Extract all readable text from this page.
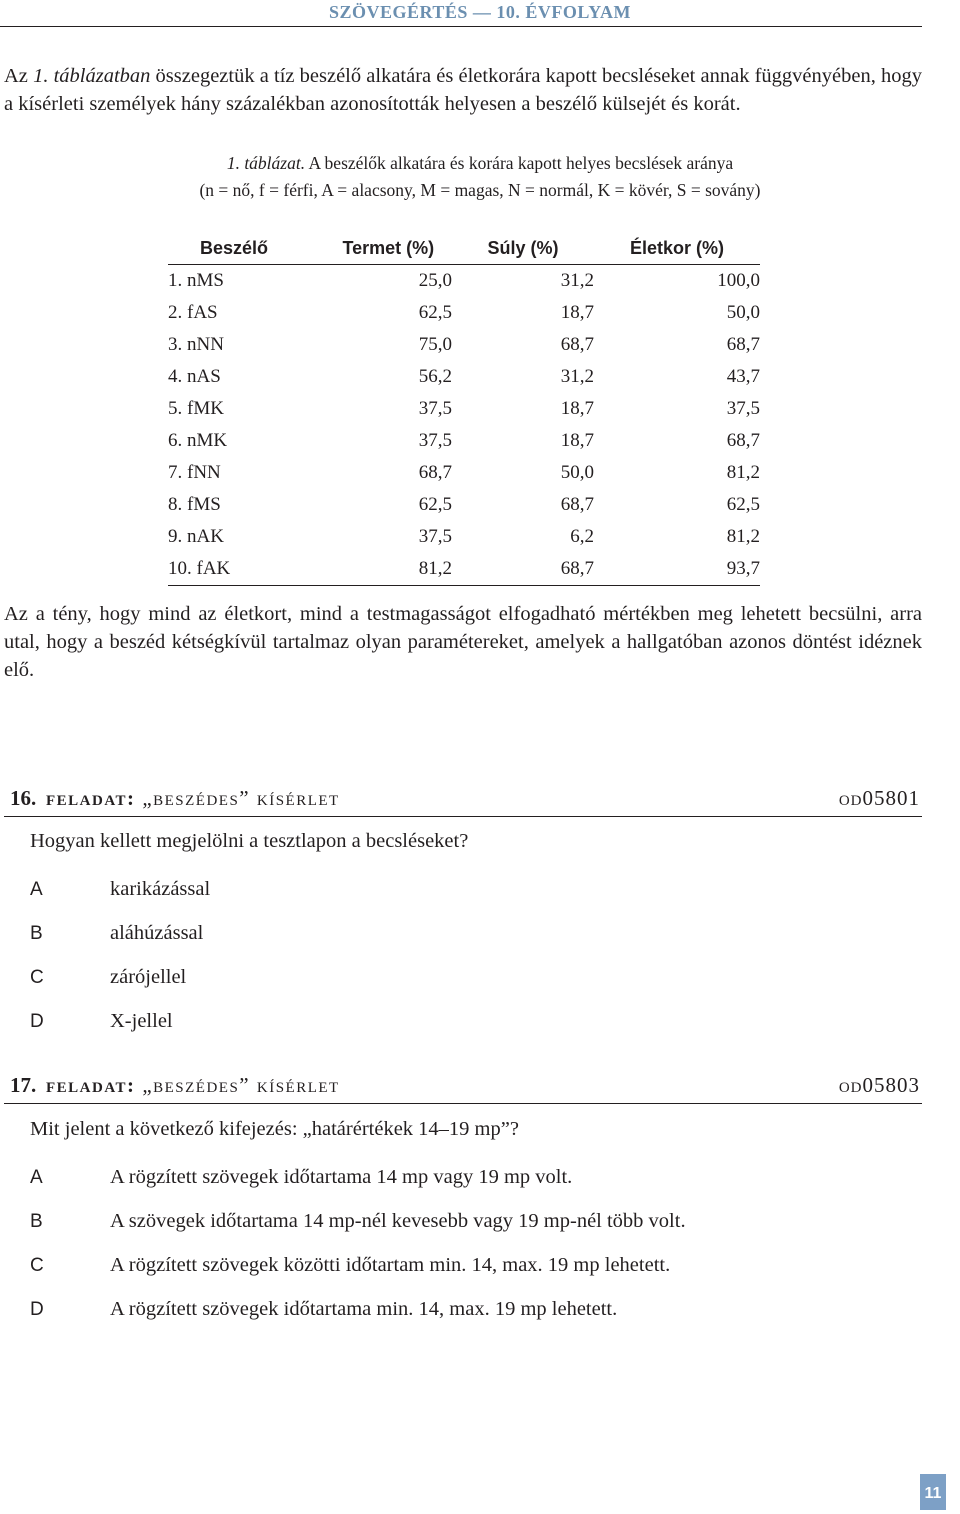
SZÖVEGÉRTÉS — 10. ÉVFOLYAM

Az 1. táblázatban összegeztük a tíz beszélő alkatára és életkorára kapott becsléseket annak függvényében, hogy a kísérleti személyek hány százalékban azonosították helyesen a beszélő külsejét és korát.

1. táblázat. A beszélők alkatára és korára kapott helyes becslések aránya
(n = nő, f = férfi, A = alacsony, M = magas, N = normál, K = kövér, S = sovány)
Beszélő	Termet (%)	Súly (%)	Életkor (%)
1. nMS	25,0	31,2	100,0
2. fAS	62,5	18,7	50,0
3. nNN	75,0	68,7	68,7
4. nAS	56,2	31,2	43,7
5. fMK	37,5	18,7	37,5
6. nMK	37,5	18,7	68,7
7. fNN	68,7	50,0	81,2
8. fMS	62,5	68,7	62,5
9. nAK	37,5	6,2	81,2
10. fAK	81,2	68,7	93,7

Az a tény, hogy mind az életkort, mind a testmagasságot elfogadható mértékben meg lehetett becsülni, arra utal, hogy a beszéd kétségkívül tartalmaz olyan paramétereket, amelyek a hallgatóban azonos döntést idéznek elő.

16. feladat: „beszédes” kísérlet	od05801
Hogyan kellett megjelölni a tesztlapon a becsléseket?
A	karikázással
B	aláhúzással
C	zárójellel
D	X-jellel
17. feladat: „beszédes” kísérlet	od05803
Mit jelent a következő kifejezés: „határértékek 14–19 mp”?
A	A rögzített szövegek időtartama 14 mp vagy 19 mp volt.
B	A szövegek időtartama 14 mp-nél kevesebb vagy 19 mp-nél több volt.
C	A rögzített szövegek közötti időtartam min. 14, max. 19 mp lehetett.
D	A rögzített szövegek időtartama min. 14, max. 19 mp lehetett.
11
